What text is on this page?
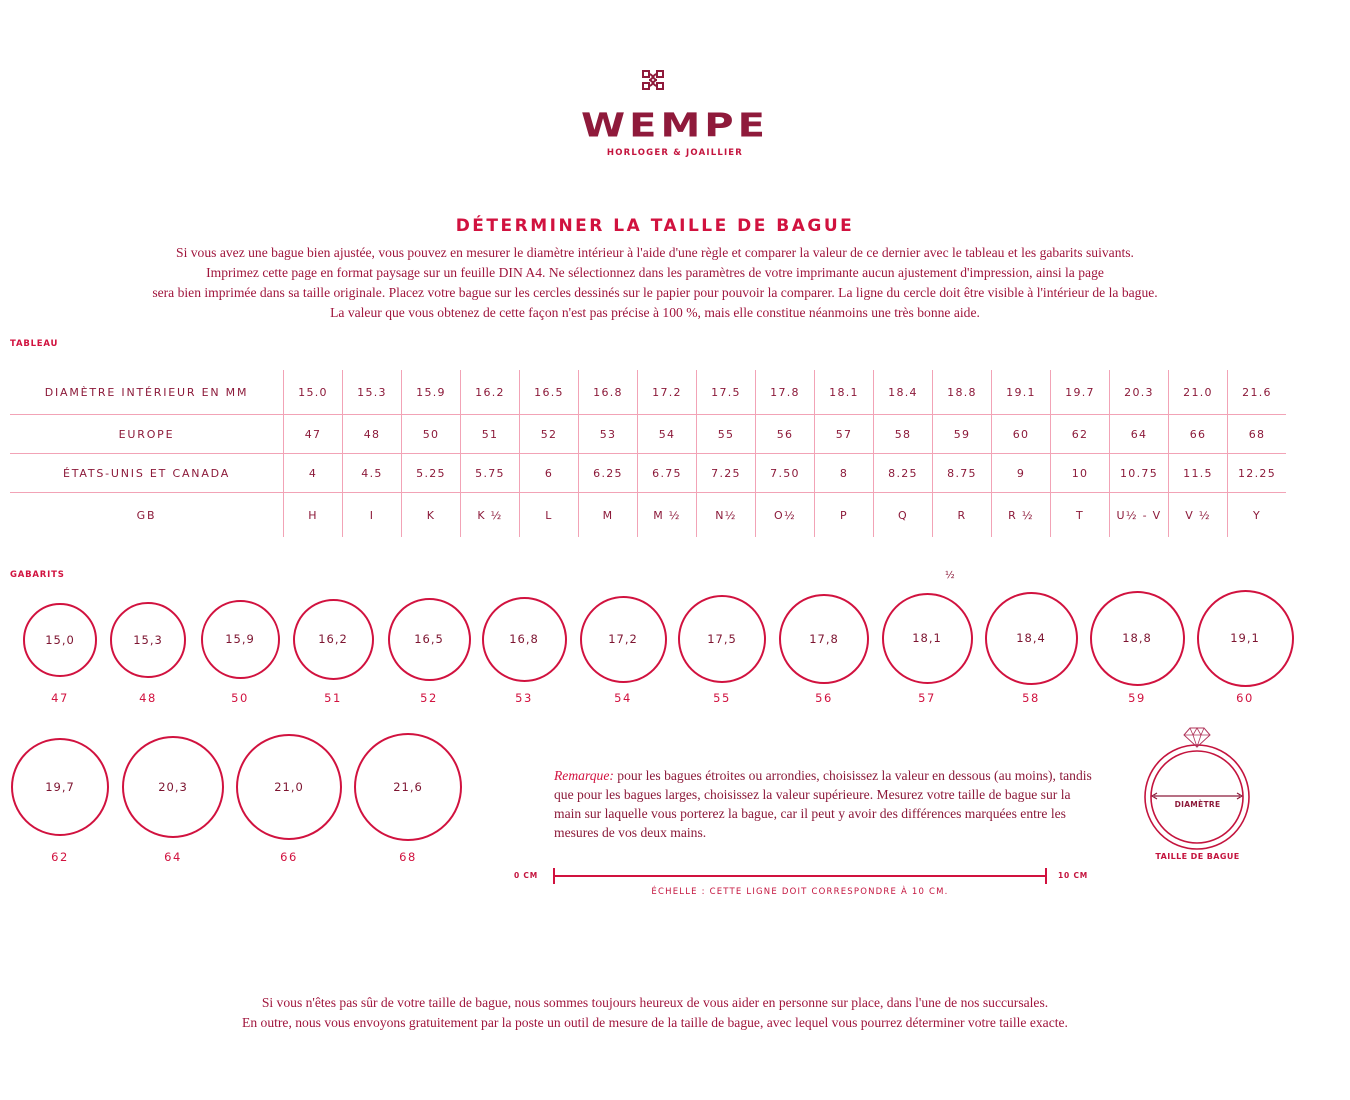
WEMPE
HORLOGER & JOAILLIER
DÉTERMINER LA TAILLE DE BAGUE
Si vous avez une bague bien ajustée, vous pouvez en mesurer le diamètre intérieur à l'aide d'une règle et comparer la valeur de ce dernier avec le tableau et les gabarits suivants.
Imprimez cette page en format paysage sur un feuille DIN A4. Ne sélectionnez dans les paramètres de votre imprimante aucun ajustement d'impression, ainsi la page
sera bien imprimée dans sa taille originale. Placez votre bague sur les cercles dessinés sur le papier pour pouvoir la comparer. La ligne du cercle doit être visible à l'intérieur de la bague.
La valeur que vous obtenez de cette façon n'est pas précise à 100 %, mais elle constitue néanmoins une très bonne aide.
TABLEAU
DIAMÈTRE INTÉRIEUR EN MM	15.0	15.3	15.9	16.2	16.5	16.8	17.2	17.5	17.8	18.1	18.4	18.8	19.1	19.7	20.3	21.0	21.6
EUROPE	47	48	50	51	52	53	54	55	56	57	58	59	60	62	64	66	68
ÉTATS-UNIS ET CANADA	4	4.5	5.25	5.75	6	6.25	6.75	7.25	7.50	8	8.25	8.75	9	10	10.75	11.5	12.25
GB	H	I	K	K ½	L	M	M ½	N½	O½	P	Q	R	R ½	T	U½ - V	V ½	Y
GABARITS	½
15,0
47
15,3
48
15,9
50
16,2
51
16,5
52
16,8
53
17,2
54
17,5
55
17,8
56
18,1
57
18,4
58
18,8
59
19,1
60
19,7
62
20,3
64
21,0
66
21,6
68
Remarque: pour les bagues étroites ou arrondies, choisissez la valeur en dessous (au moins), tandis que pour les bagues larges, choisissez la valeur supérieure. Mesurez votre taille de bague sur la main sur laquelle vous porterez la bague, car il peut y avoir des différences marquées entre les mesures de vos deux mains.
0 CM	10 CM
ÉCHELLE : CETTE LIGNE DOIT CORRESPONDRE À 10 CM.
DIAMÈTRE
TAILLE DE BAGUE
Si vous n'êtes pas sûr de votre taille de bague, nous sommes toujours heureux de vous aider en personne sur place, dans l'une de nos succursales.
En outre, nous vous envoyons gratuitement par la poste un outil de mesure de la taille de bague, avec lequel vous pourrez déterminer votre taille exacte.
